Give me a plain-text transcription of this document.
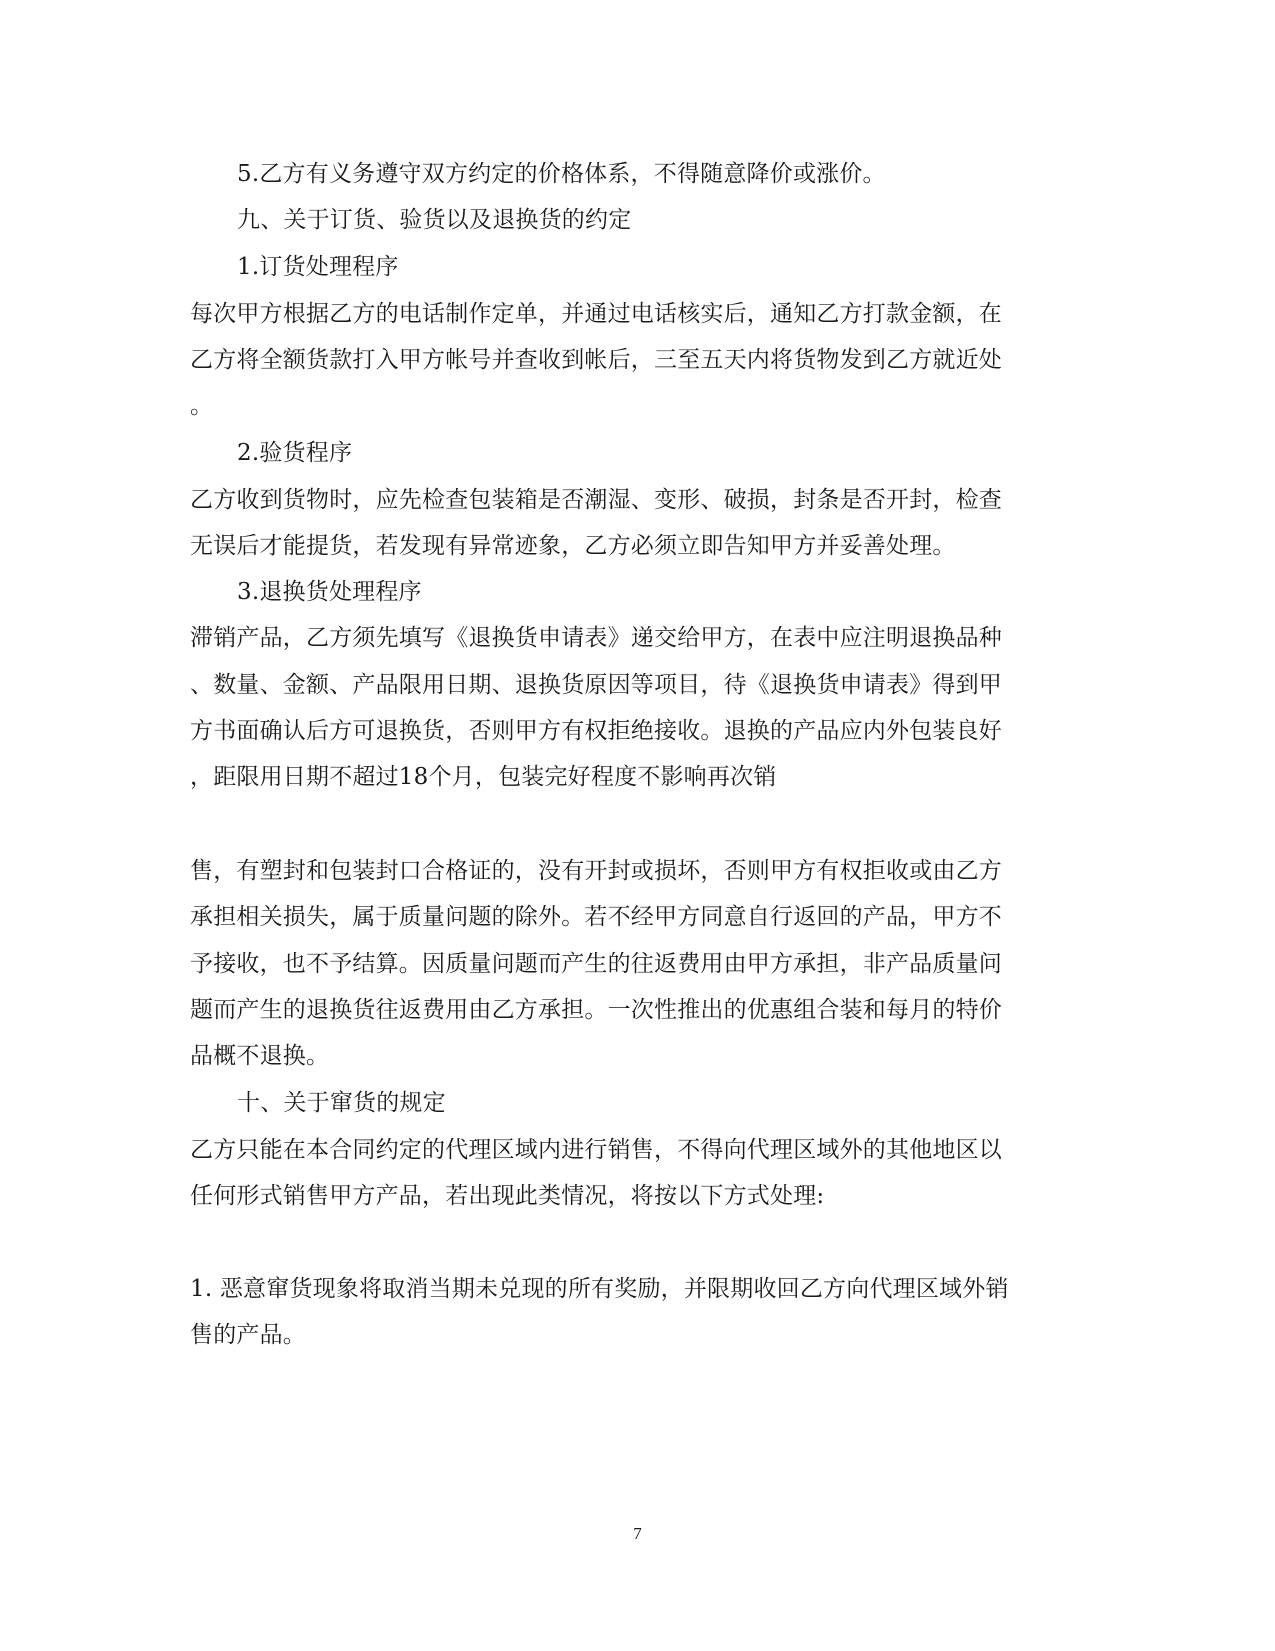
5.乙方有义务遵守双方约定的价格体系，不得随意降价或涨价。
九、关于订货、验货以及退换货的约定
1.订货处理程序
每次甲方根据乙方的电话制作定单，并通过电话核实后，通知乙方打款金额，在
乙方将全额货款打入甲方帐号并查收到帐后，三至五天内将货物发到乙方就近处
。
2.验货程序
乙方收到货物时，应先检查包装箱是否潮湿、变形、破损，封条是否开封，检查
无误后才能提货，若发现有异常迹象，乙方必须立即告知甲方并妥善处理。
3.退换货处理程序
滞销产品，乙方须先填写《退换货申请表》递交给甲方，在表中应注明退换品种
、数量、金额、产品限用日期、退换货原因等项目，待《退换货申请表》得到甲
方书面确认后方可退换货，否则甲方有权拒绝接收。退换的产品应内外包装良好
，距限用日期不超过18个月，包装完好程度不影响再次销
售，有塑封和包装封口合格证的，没有开封或损坏，否则甲方有权拒收或由乙方
承担相关损失，属于质量问题的除外。若不经甲方同意自行返回的产品，甲方不
予接收，也不予结算。因质量问题而产生的往返费用由甲方承担，非产品质量问
题而产生的退换货往返费用由乙方承担。一次性推出的优惠组合装和每月的特价
品概不退换。
十、关于窜货的规定
乙方只能在本合同约定的代理区域内进行销售，不得向代理区域外的其他地区以
任何形式销售甲方产品，若出现此类情况，将按以下方式处理:
1. 恶意窜货现象将取消当期未兑现的所有奖励，并限期收回乙方向代理区域外销
售的产品。
7
